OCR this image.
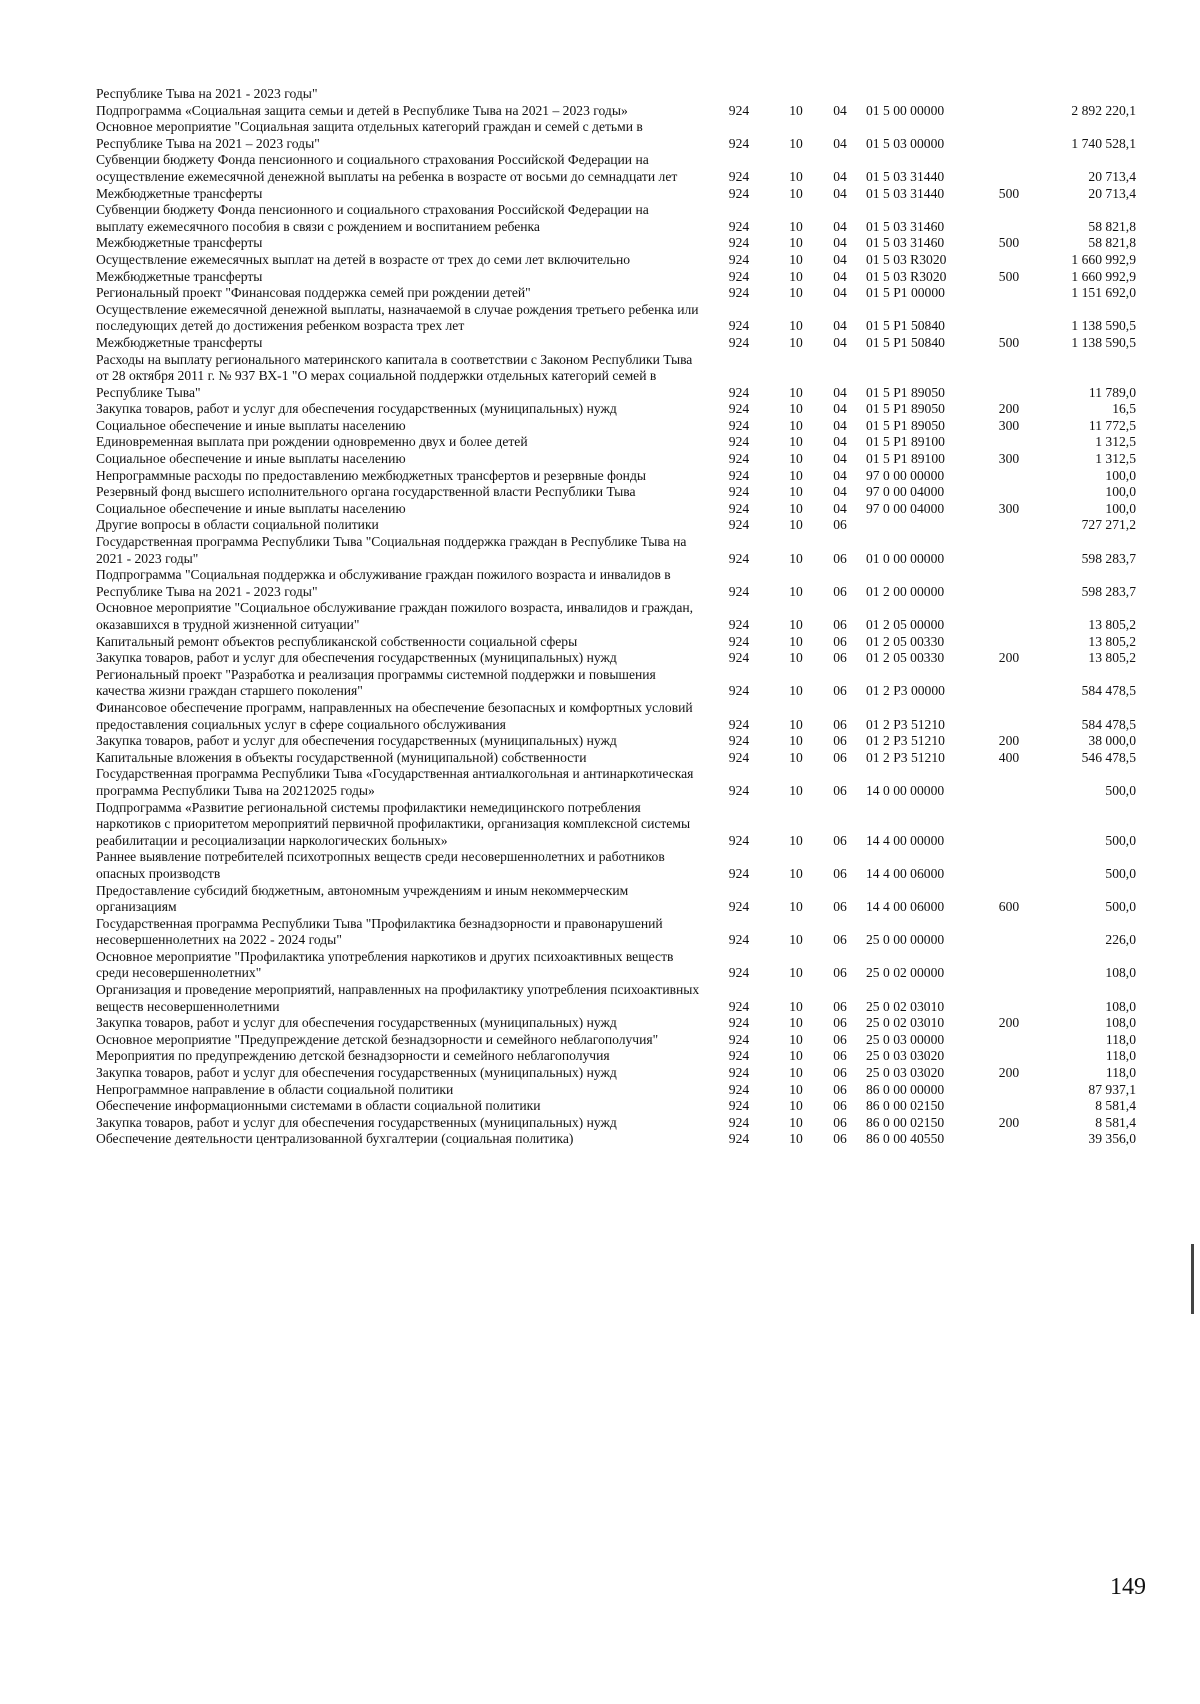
Республике Тыва на 2021 - 2023 годы"						
Подпрограмма «Социальная защита семьи и детей в Республике Тыва на 2021 – 2023 годы»	924	10	04	01 5 00 00000		2 892 220,1
Основное мероприятие "Социальная защита отдельных категорий граждан и семей с детьми в Республике Тыва на 2021 – 2023 годы"	924	10	04	01 5 03 00000		1 740 528,1
Субвенции бюджету Фонда пенсионного и социального страхования Российской Федерации на осуществление ежемесячной денежной выплаты на ребенка в возрасте от восьми до семнадцати лет	924	10	04	01 5 03 31440		20 713,4
Межбюджетные трансферты	924	10	04	01 5 03 31440	500	20 713,4
Субвенции бюджету Фонда пенсионного и социального страхования Российской Федерации на выплату ежемесячного пособия в связи с рождением и воспитанием ребенка	924	10	04	01 5 03 31460		58 821,8
Межбюджетные трансферты	924	10	04	01 5 03 31460	500	58 821,8
Осуществление ежемесячных выплат на детей в возрасте от трех до семи лет включительно	924	10	04	01 5 03 R3020		1 660 992,9
Межбюджетные трансферты	924	10	04	01 5 03 R3020	500	1 660 992,9
Региональный проект "Финансовая поддержка семей при рождении детей"	924	10	04	01 5 P1 00000		1 151 692,0
Осуществление ежемесячной денежной выплаты, назначаемой в случае рождения третьего ребенка или последующих детей до достижения ребенком возраста трех лет	924	10	04	01 5 P1 50840		1 138 590,5
Межбюджетные трансферты	924	10	04	01 5 P1 50840	500	1 138 590,5
Расходы на выплату регионального материнского капитала в соответствии с Законом Республики Тыва от 28 октября 2011 г. № 937 ВХ-1 "О мерах социальной поддержки отдельных категорий семей в Республике Тыва"	924	10	04	01 5 P1 89050		11 789,0
Закупка товаров, работ и услуг для обеспечения государственных (муниципальных) нужд	924	10	04	01 5 P1 89050	200	16,5
Социальное обеспечение и иные выплаты населению	924	10	04	01 5 P1 89050	300	11 772,5
Единовременная выплата при рождении одновременно двух и более детей	924	10	04	01 5 P1 89100		1 312,5
Социальное обеспечение и иные выплаты населению	924	10	04	01 5 P1 89100	300	1 312,5
Непрограммные расходы по предоставлению межбюджетных трансфертов и резервные фонды	924	10	04	97 0 00 00000		100,0
Резервный фонд высшего исполнительного органа государственной власти Республики Тыва	924	10	04	97 0 00 04000		100,0
Социальное обеспечение и иные выплаты населению	924	10	04	97 0 00 04000	300	100,0
Другие вопросы в области социальной политики	924	10	06			727 271,2
Государственная программа Республики Тыва "Социальная поддержка граждан в Республике Тыва на 2021 - 2023 годы"	924	10	06	01 0 00 00000		598 283,7
Подпрограмма "Социальная поддержка и обслуживание граждан пожилого возраста и инвалидов в Республике Тыва на 2021 - 2023 годы"	924	10	06	01 2 00 00000		598 283,7
Основное мероприятие "Социальное обслуживание граждан пожилого возраста, инвалидов и граждан, оказавшихся в трудной жизненной ситуации"	924	10	06	01 2 05 00000		13 805,2
Капитальный ремонт объектов республиканской собственности социальной сферы	924	10	06	01 2 05 00330		13 805,2
Закупка товаров, работ и услуг для обеспечения государственных (муниципальных) нужд	924	10	06	01 2 05 00330	200	13 805,2
Региональный проект "Разработка и реализация программы системной поддержки и повышения качества жизни граждан старшего поколения"	924	10	06	01 2 P3 00000		584 478,5
Финансовое обеспечение программ, направленных на обеспечение безопасных и комфортных условий предоставления социальных услуг в сфере социального обслуживания	924	10	06	01 2 P3 51210		584 478,5
Закупка товаров, работ и услуг для обеспечения государственных (муниципальных) нужд	924	10	06	01 2 P3 51210	200	38 000,0
Капитальные вложения в объекты государственной (муниципальной) собственности	924	10	06	01 2 P3 51210	400	546 478,5
Государственная программа Республики Тыва «Государственная антиалкогольная и антинаркотическая программа Республики Тыва на 20212025 годы»	924	10	06	14 0 00 00000		500,0
Подпрограмма «Развитие региональной системы профилактики немедицинского потребления наркотиков с приоритетом мероприятий первичной профилактики, организация комплексной системы реабилитации и ресоциализации наркологических больных»	924	10	06	14 4 00 00000		500,0
Раннее выявление потребителей психотропных веществ среди несовершеннолетних и работников опасных производств	924	10	06	14 4 00 06000		500,0
Предоставление субсидий бюджетным, автономным учреждениям и иным некоммерческим организациям	924	10	06	14 4 00 06000	600	500,0
Государственная программа Республики Тыва "Профилактика безнадзорности и правонарушений несовершеннолетних на 2022 - 2024 годы"	924	10	06	25 0 00 00000		226,0
Основное мероприятие "Профилактика употребления наркотиков и других психоактивных веществ среди несовершеннолетних"	924	10	06	25 0 02 00000		108,0
Организация и проведение мероприятий, направленных на профилактику употребления психоактивных веществ несовершеннолетними	924	10	06	25 0 02 03010		108,0
Закупка товаров, работ и услуг для обеспечения государственных (муниципальных) нужд	924	10	06	25 0 02 03010	200	108,0
Основное мероприятие "Предупреждение детской безнадзорности и семейного неблагополучия"	924	10	06	25 0 03 00000		118,0
Мероприятия по предупреждению детской безнадзорности и семейного неблагополучия	924	10	06	25 0 03 03020		118,0
Закупка товаров, работ и услуг для обеспечения государственных (муниципальных) нужд	924	10	06	25 0 03 03020	200	118,0
Непрограммное направление в области социальной политики	924	10	06	86 0 00 00000		87 937,1
Обеспечение информационными системами в области социальной политики	924	10	06	86 0 00 02150		8 581,4
Закупка товаров, работ и услуг для обеспечения государственных (муниципальных) нужд	924	10	06	86 0 00 02150	200	8 581,4
Обеспечение деятельности централизованной бухгалтерии (социальная политика)	924	10	06	86 0 00 40550		39 356,0
149
